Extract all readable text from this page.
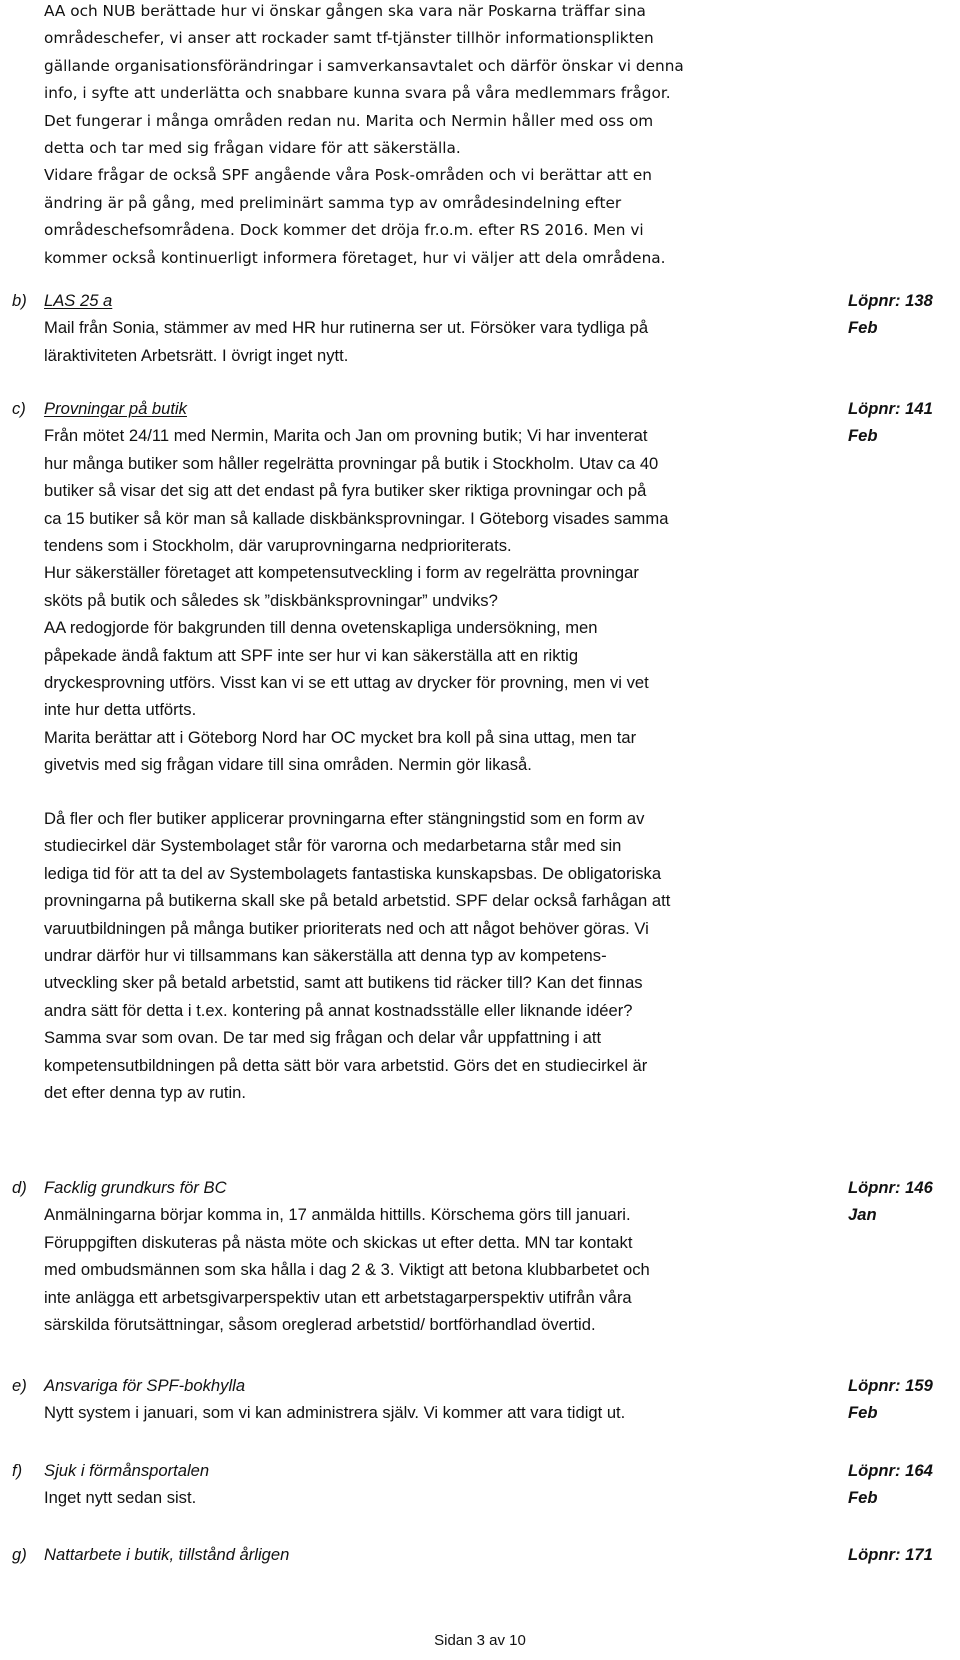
AA och NUB berättade hur vi önskar gången ska vara när Poskarna träffar sina
områdeschefer, vi anser att rockader samt tf-tjänster tillhör informationsplikten
gällande organisationsförändringar i samverkansavtalet och därför önskar vi denna
info, i syfte att underlätta och snabbare kunna svara på våra medlemmars frågor.
Det fungerar i många områden redan nu. Marita och Nermin håller med oss om
detta och tar med sig frågan vidare för att säkerställa.
Vidare frågar de också SPF angående våra Posk-områden och vi berättar att en
ändring är på gång, med preliminärt samma typ av områdesindelning efter
områdeschefsområdena. Dock kommer det dröja fr.o.m. efter RS 2016. Men vi
kommer också kontinuerligt informera företaget, hur vi väljer att dela områdena.
b) LAS 25 a
Mail från Sonia, stämmer av med HR hur rutinerna ser ut. Försöker vara tydliga på
läraktiviteten Arbetsrätt. I övrigt inget nytt.
Löpnr: 138
Feb
c) Provningar på butik
Från mötet 24/11 med Nermin, Marita och Jan om provning butik; Vi har inventerat
hur många butiker som håller regelrätta provningar på butik i Stockholm. Utav ca 40
butiker så visar det sig att det endast på fyra butiker sker riktiga provningar och på
ca 15 butiker så kör man så kallade diskbänksprovningar. I Göteborg visades samma
tendens som i Stockholm, där varuprovningarna nedprioriterats.
Hur säkerställer företaget att kompetensutveckling i form av regelrätta provningar
sköts på butik och således sk ”diskbänksprovningar” undviks?
AA redogjorde för bakgrunden till denna ovetenskapliga undersökning, men
påpekade ändå faktum att SPF inte ser hur vi kan säkerställa att en riktig
dryckesprovning utförs. Visst kan vi se ett uttag av drycker för provning, men vi vet
inte hur detta utförts.
Marita berättar att i Göteborg Nord har OC mycket bra koll på sina uttag, men tar
givetvis med sig frågan vidare till sina områden. Nermin gör likaså.
Löpnr: 141
Feb
Då fler och fler butiker applicerar provningarna efter stängningstid som en form av
studiecirkel där Systembolaget står för varorna och medarbetarna står med sin
lediga tid för att ta del av Systembolagets fantastiska kunskapsbas. De obligatoriska
provningarna på butikerna skall ske på betald arbetstid. SPF delar också farhågan att
varuutbildningen på många butiker prioriterats ned och att något behöver göras. Vi
undrar därför hur vi tillsammans kan säkerställa att denna typ av kompetens-
utveckling sker på betald arbetstid, samt att butikens tid räcker till? Kan det finnas
andra sätt för detta i t.ex. kontering på annat kostnadsställe eller liknande idéer?
Samma svar som ovan. De tar med sig frågan och delar vår uppfattning i att
kompetensutbildningen på detta sätt bör vara arbetstid. Görs det en studiecirkel är
det efter denna typ av rutin.
d) Facklig grundkurs för BC
Anmälningarna börjar komma in, 17 anmälda hittills. Körschema görs till januari.
Föruppgiften diskuteras på nästa möte och skickas ut efter detta. MN tar kontakt
med ombudsmännen som ska hålla i dag 2 & 3. Viktigt att betona klubbarbetet och
inte anlägga ett arbetsgivarperspektiv utan ett arbetstagarperspektiv utifrån våra
särskilda förutsättningar, såsom oreglerad arbetstid/ bortförhandlad övertid.
Löpnr: 146
Jan
e) Ansvariga för SPF-bokhylla
Nytt system i januari, som vi kan administrera själv. Vi kommer att vara tidigt ut.
Löpnr: 159
Feb
f) Sjuk i förmånsportalen
Inget nytt sedan sist.
Löpnr: 164
Feb
g) Nattarbete i butik, tillstånd årligen	Löpnr: 171
Sidan 3 av 10
